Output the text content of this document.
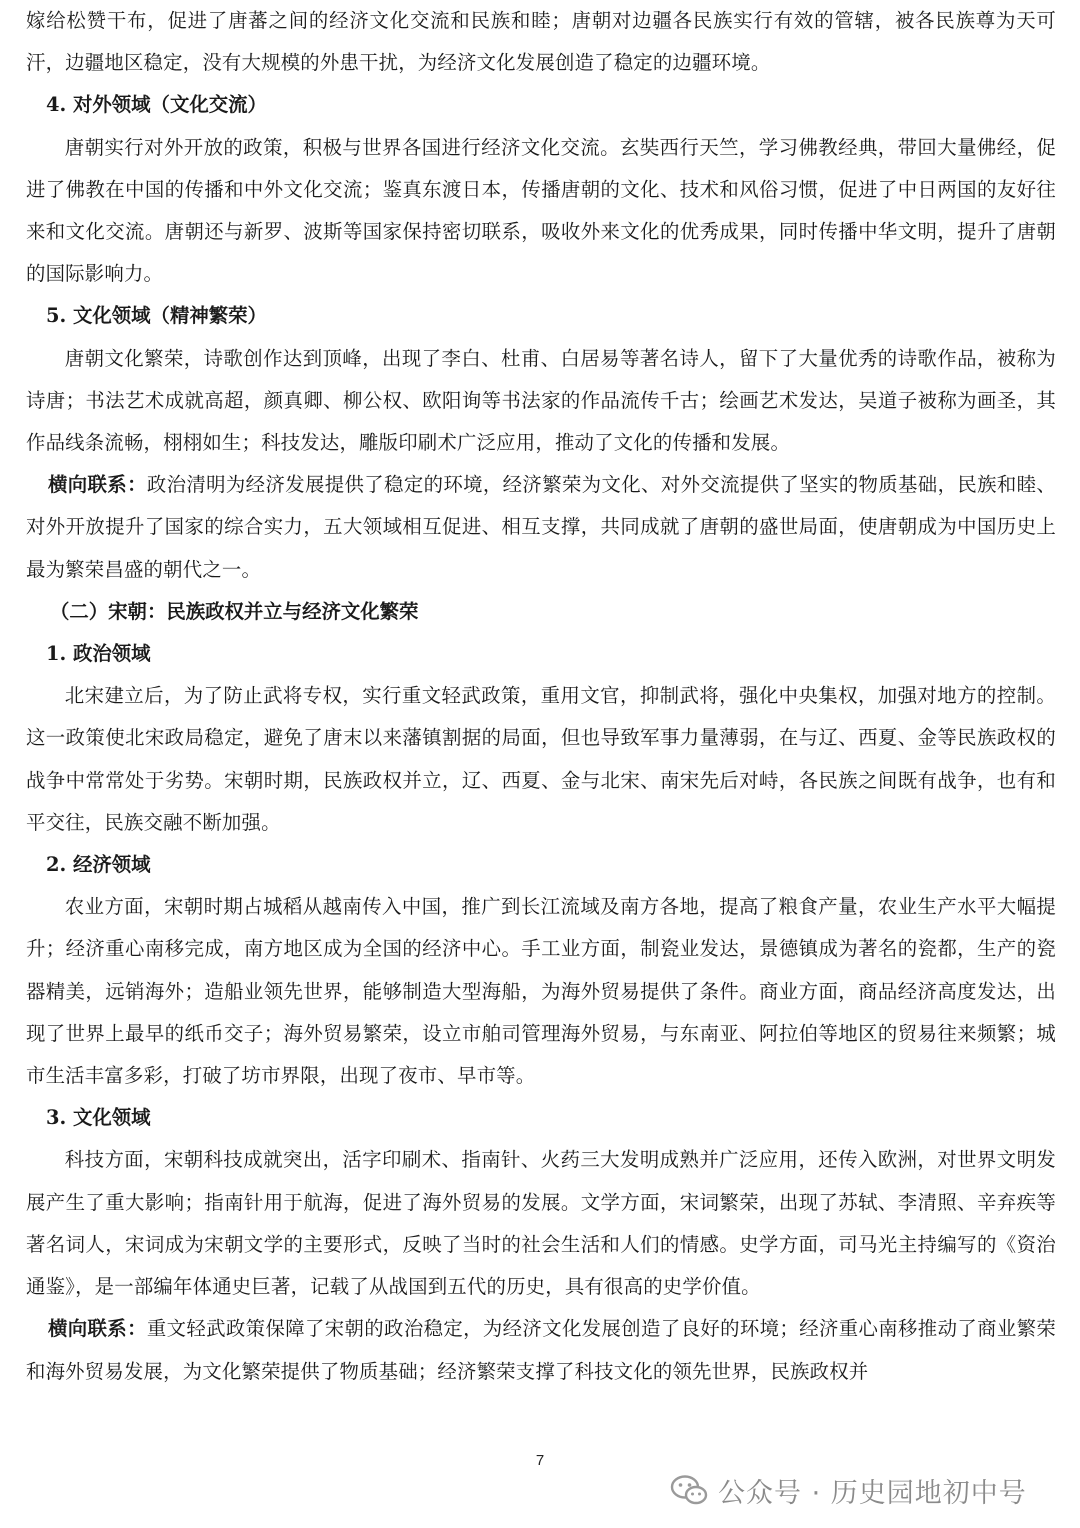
嫁给松赞干布，促进了唐蕃之间的经济文化交流和民族和睦；唐朝对边疆各民族实行有效的管辖，被各民族尊为天可汗，边疆地区稳定，没有大规模的外患干扰，为经济文化发展创造了稳定的边疆环境。

4. 对外领域（文化交流）

唐朝实行对外开放的政策，积极与世界各国进行经济文化交流。玄奘西行天竺，学习佛教经典，带回大量佛经，促进了佛教在中国的传播和中外文化交流；鉴真东渡日本，传播唐朝的文化、技术和风俗习惯，促进了中日两国的友好往来和文化交流。唐朝还与新罗、波斯等国家保持密切联系，吸收外来文化的优秀成果，同时传播中华文明，提升了唐朝的国际影响力。

5. 文化领域（精神繁荣）

唐朝文化繁荣，诗歌创作达到顶峰，出现了李白、杜甫、白居易等著名诗人，留下了大量优秀的诗歌作品，被称为诗唐；书法艺术成就高超，颜真卿、柳公权、欧阳询等书法家的作品流传千古；绘画艺术发达，吴道子被称为画圣，其作品线条流畅，栩栩如生；科技发达，雕版印刷术广泛应用，推动了文化的传播和发展。

横向联系：政治清明为经济发展提供了稳定的环境，经济繁荣为文化、对外交流提供了坚实的物质基础，民族和睦、对外开放提升了国家的综合实力，五大领域相互促进、相互支撑，共同成就了唐朝的盛世局面，使唐朝成为中国历史上最为繁荣昌盛的朝代之一。

（二）宋朝：民族政权并立与经济文化繁荣

1. 政治领域

北宋建立后，为了防止武将专权，实行重文轻武政策，重用文官，抑制武将，强化中央集权，加强对地方的控制。这一政策使北宋政局稳定，避免了唐末以来藩镇割据的局面，但也导致军事力量薄弱，在与辽、西夏、金等民族政权的战争中常常处于劣势。宋朝时期，民族政权并立，辽、西夏、金与北宋、南宋先后对峙，各民族之间既有战争，也有和平交往，民族交融不断加强。

2. 经济领域

农业方面，宋朝时期占城稻从越南传入中国，推广到长江流域及南方各地，提高了粮食产量，农业生产水平大幅提升；经济重心南移完成，南方地区成为全国的经济中心。手工业方面，制瓷业发达，景德镇成为著名的瓷都，生产的瓷器精美，远销海外；造船业领先世界，能够制造大型海船，为海外贸易提供了条件。商业方面，商品经济高度发达，出现了世界上最早的纸币交子；海外贸易繁荣，设立市舶司管理海外贸易，与东南亚、阿拉伯等地区的贸易往来频繁；城市生活丰富多彩，打破了坊市界限，出现了夜市、早市等。

3. 文化领域

科技方面，宋朝科技成就突出，活字印刷术、指南针、火药三大发明成熟并广泛应用，还传入欧洲，对世界文明发展产生了重大影响；指南针用于航海，促进了海外贸易的发展。文学方面，宋词繁荣，出现了苏轼、李清照、辛弃疾等著名词人，宋词成为宋朝文学的主要形式，反映了当时的社会生活和人们的情感。史学方面，司马光主持编写的《资治通鉴》，是一部编年体通史巨著，记载了从战国到五代的历史，具有很高的史学价值。

横向联系：重文轻武政策保障了宋朝的政治稳定，为经济文化发展创造了良好的环境；经济重心南移推动了商业繁荣和海外贸易发展，为文化繁荣提供了物质基础；经济繁荣支撑了科技文化的领先世界，民族政权并

7
公众号 · 历史园地初中号
